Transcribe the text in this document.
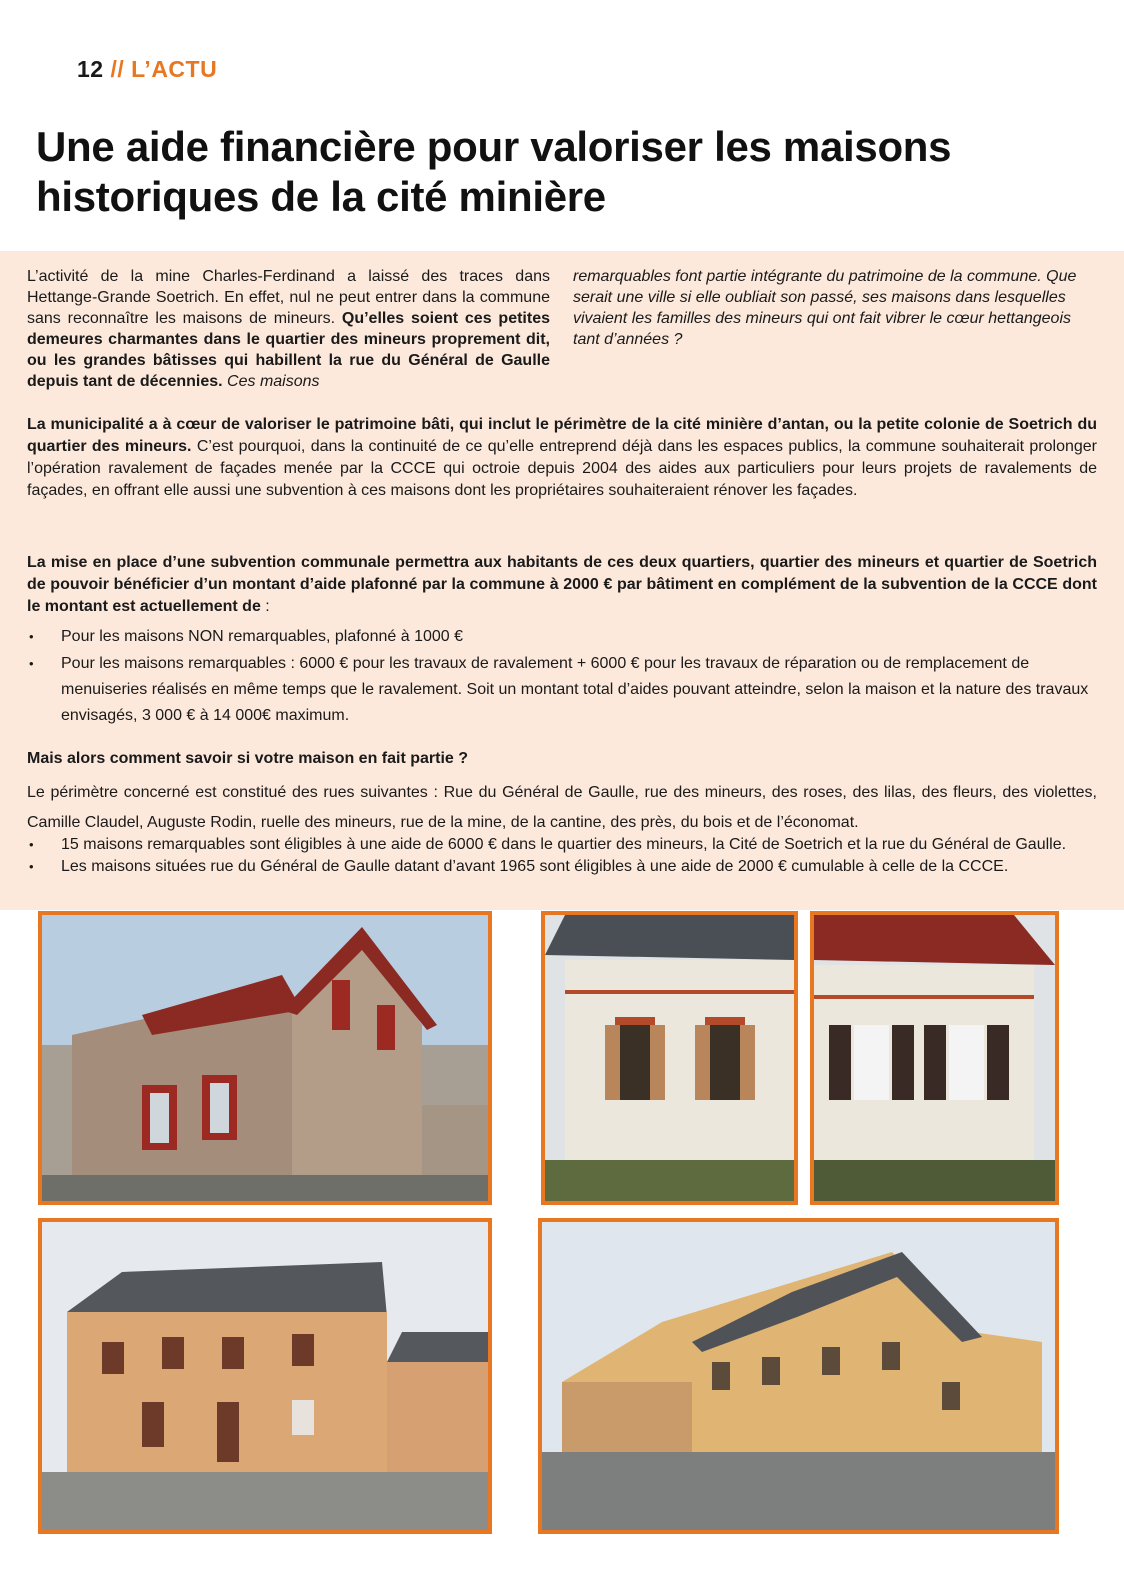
12 // L’ACTU
Une aide financière pour valoriser les maisons historiques de la cité minière
L’activité de la mine Charles-Ferdinand a laissé des traces dans Hettange-Grande Soetrich. En effet, nul ne peut entrer dans la commune sans reconnaître les maisons de mineurs. Qu’elles soient ces petites demeures charmantes dans le quartier des mineurs proprement dit, ou les grandes bâtisses qui habillent la rue du Général de Gaulle depuis tant de décennies. Ces maisons
remarquables font partie intégrante du patrimoine de la commune. Que serait une ville si elle oubliait son passé, ses maisons dans lesquelles vivaient les familles des mineurs qui ont fait vibrer le cœur hettangeois tant d’années ?
La municipalité a à cœur de valoriser le patrimoine bâti, qui inclut le périmètre de la cité minière d’antan, ou la petite colonie de Soetrich du quartier des mineurs. C’est pourquoi, dans la continuité de ce qu’elle entreprend déjà dans les espaces publics, la commune souhaiterait prolonger l’opération ravalement de façades menée par la CCCE qui octroie depuis 2004 des aides aux particuliers pour leurs projets de ravalements de façades, en offrant elle aussi une subvention à ces maisons dont les propriétaires souhaiteraient rénover les façades.
La mise en place d’une subvention communale permettra aux habitants de ces deux quartiers, quartier des mineurs et quartier de Soetrich de pouvoir bénéficier d’un montant d’aide plafonné par la commune à 2000 € par bâtiment en complément de la subvention de la CCCE dont le montant est actuellement de :
• Pour les maisons NON remarquables, plafonné à 1000 €
• Pour les maisons remarquables : 6000 € pour les travaux de ravalement + 6000 € pour les travaux de réparation ou de remplacement de menuiseries réalisés en même temps que le ravalement. Soit un montant total d’aides pouvant atteindre, selon la maison et la nature des travaux envisagés, 3 000 € à 14 000€ maximum.
Mais alors comment savoir si votre maison en fait partie ?
Le périmètre concerné est constitué des rues suivantes : Rue du Général de Gaulle, rue des mineurs, des roses, des lilas, des fleurs, des violettes, Camille Claudel, Auguste Rodin, ruelle des mineurs, rue de la mine, de la cantine, des près, du bois et de l’économat.
• 15 maisons remarquables sont éligibles à une aide de 6000 € dans le quartier des mineurs, la Cité de Soetrich et la rue du Général de Gaulle.
• Les maisons situées rue du Général de Gaulle datant d’avant 1965 sont éligibles à une aide de 2000 € cumulable à celle de la CCCE.
